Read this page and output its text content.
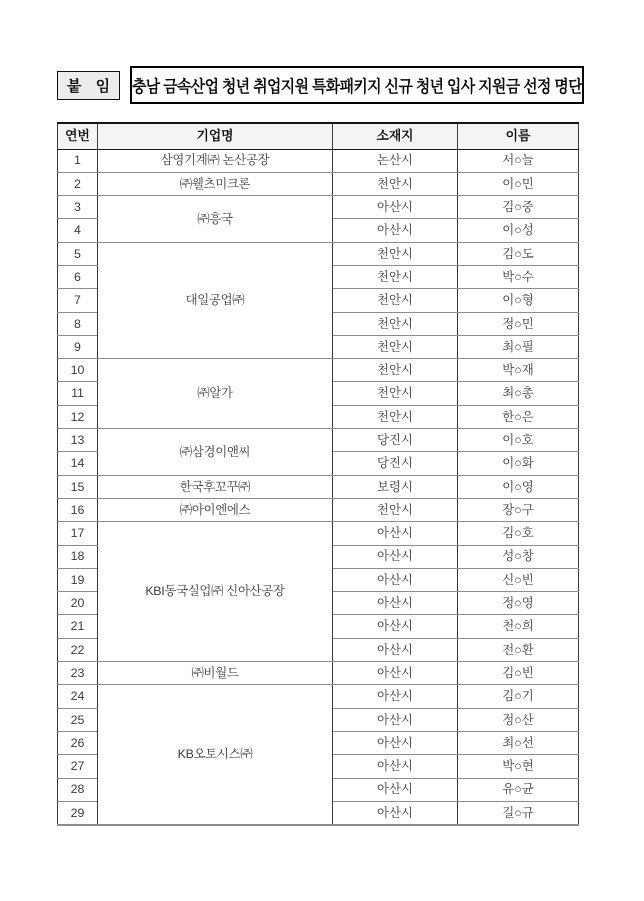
붙 임 충남 금속산업 청년 취업지원 특화패키지 신규 청년 입사 지원금 선정 명단
연번	기업명	소재지	이름
1	삼영기계㈜ 논산공장	논산시	서○늘
2	㈜웰츠미크론	천안시	이○민
3	㈜흥국	아산시	김○중
4		아산시	이○성
5	대일공업㈜	천안시	김○도
6		천안시	박○수
7		천안시	이○형
8		천안시	정○민
9		천안시	최○필
10	㈜알가	천안시	박○재
11		천안시	최○총
12		천안시	한○은
13	㈜삼경이앤씨	당진시	이○호
14		당진시	이○화
15	한국후꼬꾸㈜	보령시	이○영
16	㈜아이엔에스	천안시	장○구
17	KBI동국실업㈜ 신아산공장	아산시	김○호
18		아산시	성○창
19		아산시	신○빈
20		아산시	정○영
21		아산시	천○희
22		아산시	전○환
23	㈜비월드	아산시	김○빈
24	KB오토시스㈜	아산시	김○기
25		아산시	정○산
26		아산시	최○선
27		아산시	박○현
28		아산시	유○균
29		아산시	길○규
